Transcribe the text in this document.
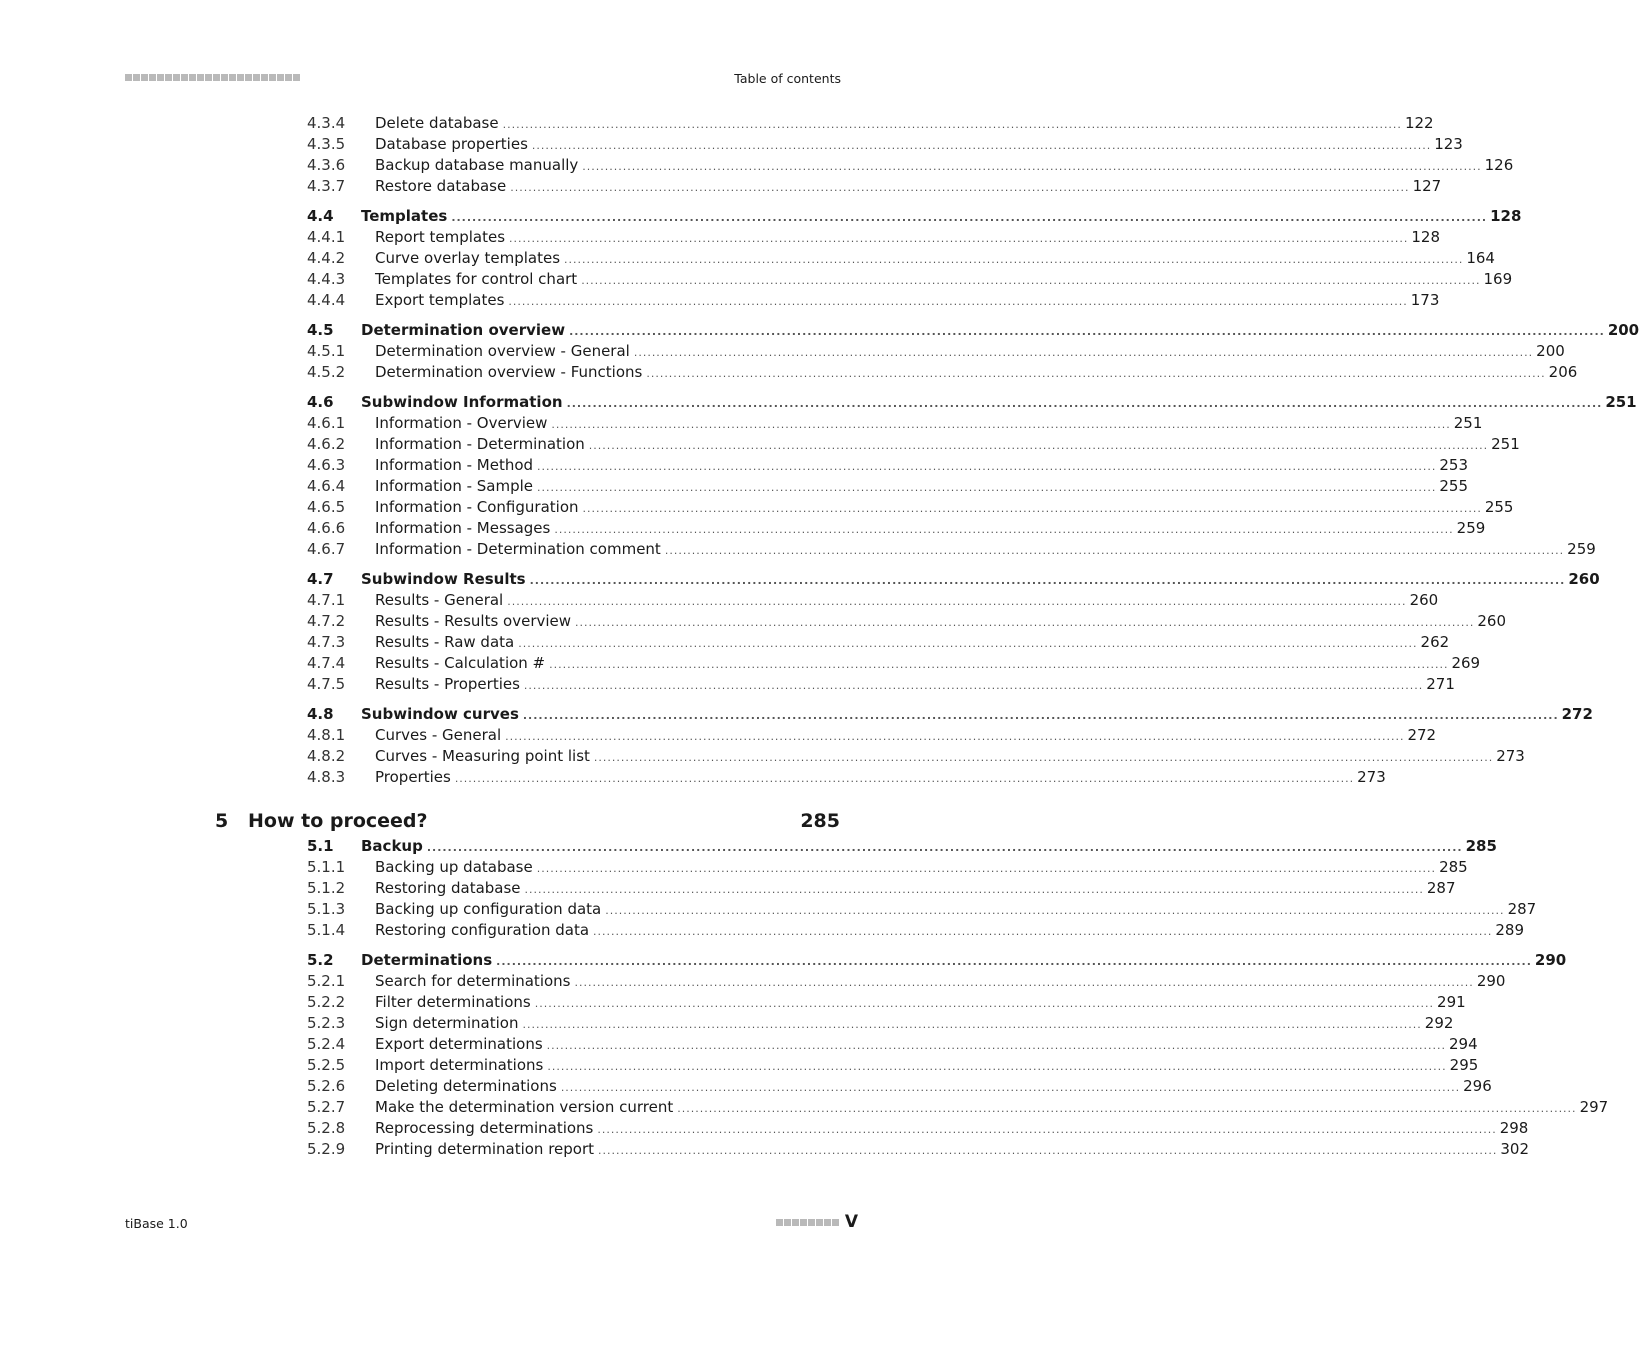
Table of contents
4.3.4 Delete database ........................................................................................................................................................................................................ 122
4.3.5 Database properties ........................................................................................................................................................................................................ 123
4.3.6 Backup database manually ........................................................................................................................................................................................................ 126
4.3.7 Restore database ........................................................................................................................................................................................................ 127
4.4 Templates ........................................................................................................................................................................................................ 128
4.4.1 Report templates ........................................................................................................................................................................................................ 128
4.4.2 Curve overlay templates ........................................................................................................................................................................................................ 164
4.4.3 Templates for control chart ........................................................................................................................................................................................................ 169
4.4.4 Export templates ........................................................................................................................................................................................................ 173
4.5 Determination overview ........................................................................................................................................................................................................ 200
4.5.1 Determination overview - General ........................................................................................................................................................................................................ 200
4.5.2 Determination overview - Functions ........................................................................................................................................................................................................ 206
4.6 Subwindow Information ........................................................................................................................................................................................................ 251
4.6.1 Information - Overview ........................................................................................................................................................................................................ 251
4.6.2 Information - Determination ........................................................................................................................................................................................................ 251
4.6.3 Information - Method ........................................................................................................................................................................................................ 253
4.6.4 Information - Sample ........................................................................................................................................................................................................ 255
4.6.5 Information - Configuration ........................................................................................................................................................................................................ 255
4.6.6 Information - Messages ........................................................................................................................................................................................................ 259
4.6.7 Information - Determination comment ........................................................................................................................................................................................................ 259
4.7 Subwindow Results ........................................................................................................................................................................................................ 260
4.7.1 Results - General ........................................................................................................................................................................................................ 260
4.7.2 Results - Results overview ........................................................................................................................................................................................................ 260
4.7.3 Results - Raw data ........................................................................................................................................................................................................ 262
4.7.4 Results - Calculation # ........................................................................................................................................................................................................ 269
4.7.5 Results - Properties ........................................................................................................................................................................................................ 271
4.8 Subwindow curves ........................................................................................................................................................................................................ 272
4.8.1 Curves - General ........................................................................................................................................................................................................ 272
4.8.2 Curves - Measuring point list ........................................................................................................................................................................................................ 273
4.8.3 Properties ........................................................................................................................................................................................................ 273
5 How to proceed?	285
5.1 Backup ........................................................................................................................................................................................................ 285
5.1.1 Backing up database ........................................................................................................................................................................................................ 285
5.1.2 Restoring database ........................................................................................................................................................................................................ 287
5.1.3 Backing up configuration data ........................................................................................................................................................................................................ 287
5.1.4 Restoring configuration data ........................................................................................................................................................................................................ 289
5.2 Determinations ........................................................................................................................................................................................................ 290
5.2.1 Search for determinations ........................................................................................................................................................................................................ 290
5.2.2 Filter determinations ........................................................................................................................................................................................................ 291
5.2.3 Sign determination ........................................................................................................................................................................................................ 292
5.2.4 Export determinations ........................................................................................................................................................................................................ 294
5.2.5 Import determinations ........................................................................................................................................................................................................ 295
5.2.6 Deleting determinations ........................................................................................................................................................................................................ 296
5.2.7 Make the determination version current ........................................................................................................................................................................................................ 297
5.2.8 Reprocessing determinations ........................................................................................................................................................................................................ 298
5.2.9 Printing determination report ........................................................................................................................................................................................................ 302
tiBase 1.0	V
